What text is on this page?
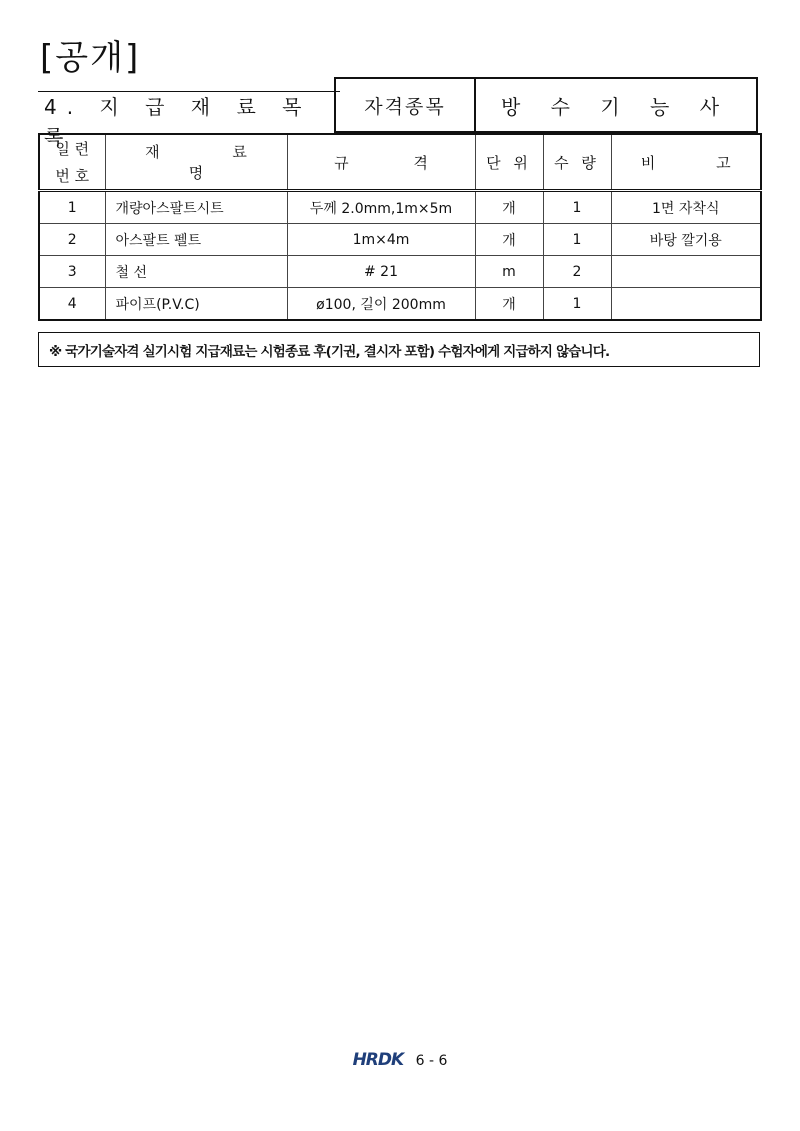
[공개]
4. 지 급 재 료 목 록
자격종목	방 수 기 능 사
일 련
번 호	재 료 명	규 격	단 위	수 량	비 고
1	개량아스팔트시트	두께 2.0mm,1m×5m	개	1	1면 자착식
2	아스팔트 펠트	1m×4m	개	1	바탕 깔기용
3	철 선	# 21	m	2	
4	파이프(P.V.C)	ø100, 길이 200mm	개	1	
※ 국가기술자격 실기시험 지급재료는 시험종료 후(기권, 결시자 포함) 수험자에게 지급하지 않습니다.
HRDK 6 - 6
